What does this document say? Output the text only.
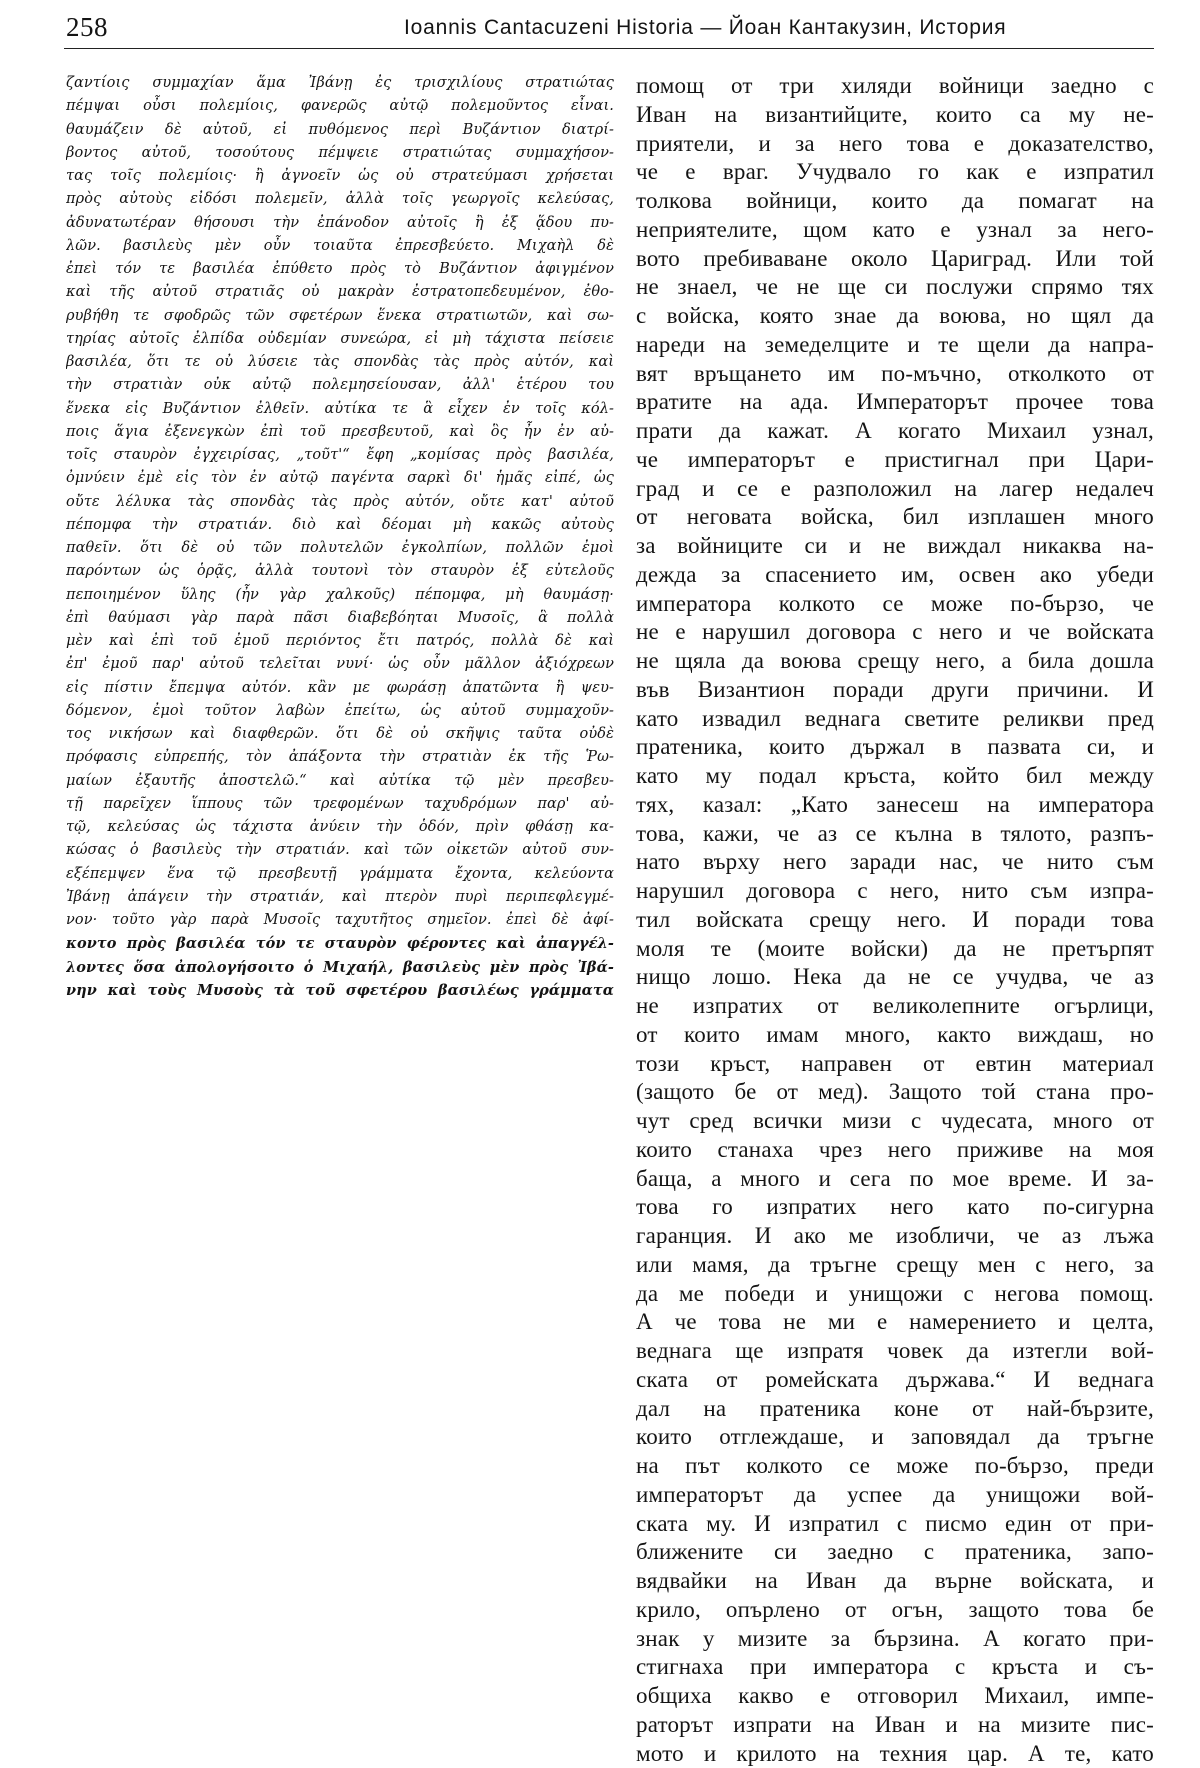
258	Ioannis Cantacuzeni Historia — Йоан Кантакузин, История

ζαντίοις συμμαχίαν ἅμα Ἰβάνῃ ἐς τρισχιλίους στρατιώτας

πέμψαι οὖσι πολεμίοις, φανερῶς αὐτῷ πολεμοῦντος εἶναι.

θαυμάζειν δὲ αὐτοῦ, εἰ πυθόμενος περὶ Βυζάντιον διατρί-

βοντος αὐτοῦ, τοσούτους πέμψειε στρατιώτας συμμαχήσον-

τας τοῖς πολεμίοις· ἢ ἀγνοεῖν ὡς οὐ στρατεύμασι χρήσεται

πρὸς αὐτοὺς εἰδόσι πολεμεῖν, ἀλλὰ τοῖς γεωργοῖς κελεύσας,

ἀδυνατωτέραν θήσουσι τὴν ἐπάνοδον αὐτοῖς ἢ ἐξ ᾅδου πυ-

λῶν. βασιλεὺς μὲν οὖν τοιαῦτα ἐπρεσβεύετο. Μιχαὴλ δὲ

ἐπεὶ τόν τε βασιλέα ἐπύθετο πρὸς τὸ Βυζάντιον ἀφιγμένον

καὶ τῆς αὐτοῦ στρατιᾶς οὐ μακρὰν ἐστρατοπεδευμένον, ἐθο-

ρυβήθη τε σφοδρῶς τῶν σφετέρων ἕνεκα στρατιωτῶν, καὶ σω-

τηρίας αὐτοῖς ἐλπίδα οὐδεμίαν συνεώρα, εἰ μὴ τάχιστα πείσειε

βασιλέα, ὅτι τε οὐ λύσειε τὰς σπονδὰς τὰς πρὸς αὐτόν, καὶ

τὴν στρατιὰν οὐκ αὐτῷ πολεμησείουσαν, ἀλλ' ἑτέρου του

ἕνεκα εἰς Βυζάντιον ἐλθεῖν. αὐτίκα τε ἃ εἶχεν ἐν τοῖς κόλ-

ποις ἅγια ἐξενεγκὼν ἐπὶ τοῦ πρεσβευτοῦ, καὶ ὃς ἦν ἐν αὐ-

τοῖς σταυρὸν ἐγχειρίσας, „τοῦτ'“ ἔφη „κομίσας πρὸς βασιλέα,

ὀμνύειν ἐμὲ εἰς τὸν ἐν αὐτῷ παγέντα σαρκὶ δι' ἡμᾶς εἰπέ, ὡς

οὔτε λέλυκα τὰς σπονδὰς τὰς πρὸς αὐτόν, οὔτε κατ' αὐτοῦ

πέπομφα τὴν στρατιάν. διὸ καὶ δέομαι μὴ κακῶς αὐτοὺς

παθεῖν. ὅτι δὲ οὐ τῶν πολυτελῶν ἐγκολπίων, πολλῶν ἐμοὶ

παρόντων ὡς ὁρᾷς, ἀλλὰ τουτονὶ τὸν σταυρὸν ἐξ εὐτελοῦς

πεποιημένον ὕλης (ἦν γὰρ χαλκοῦς) πέπομφα, μὴ θαυμάσῃ·

ἐπὶ θαύμασι γὰρ παρὰ πᾶσι διαβεβόηται Μυσοῖς, ἃ πολλὰ

μὲν καὶ ἐπὶ τοῦ ἐμοῦ περιόντος ἔτι πατρός, πολλὰ δὲ καὶ

ἐπ' ἐμοῦ παρ' αὐτοῦ τελεῖται νυνί· ὡς οὖν μᾶλλον ἀξιόχρεων

εἰς πίστιν ἔπεμψα αὐτόν. κἂν με φωράσῃ ἀπατῶντα ἢ ψευ-

δόμενον, ἐμοὶ τοῦτον λαβὼν ἐπείτω, ὡς αὐτοῦ συμμαχοῦν-

τος νικήσων καὶ διαφθερῶν. ὅτι δὲ οὐ σκῆψις ταῦτα οὐδὲ

πρόφασις εὐπρεπής, τὸν ἀπάξοντα τὴν στρατιὰν ἐκ τῆς Ῥω-

μαίων ἐξαυτῆς ἀποστελῶ.“ καὶ αὐτίκα τῷ μὲν πρεσβευ-

τῇ παρεῖχεν ἵππους τῶν τρεφομένων ταχυδρόμων παρ' αὐ-

τῷ, κελεύσας ὡς τάχιστα ἀνύειν τὴν ὁδόν, πρὶν φθάσῃ κα-

κώσας ὁ βασιλεὺς τὴν στρατιάν. καὶ τῶν οἰκετῶν αὐτοῦ συν-

εξέπεμψεν ἕνα τῷ πρεσβευτῇ γράμματα ἔχοντα, κελεύοντα

Ἰβάνῃ ἀπάγειν τὴν στρατιάν, καὶ πτερὸν πυρὶ περιπεφλεγμέ-

νον· τοῦτο γὰρ παρὰ Μυσοῖς ταχυτῆτος σημεῖον. ἐπεὶ δὲ ἀφί-

κοντο πρὸς βασιλέα τόν τε σταυρὸν φέροντες καὶ ἀπαγγέλ-

λοντες ὅσα ἀπολογήσοιτο ὁ Μιχαήλ, βασιλεὺς μὲν πρὸς Ἰβά-

νην καὶ τοὺς Μυσοὺς τὰ τοῦ σφετέρου βασιλέως γράμματα

помощ от три хиляди войници заедно с

Иван на византийците, които са му не-

приятели, и за него това е доказателство,

че е враг. Учудвало го как е изпратил

толкова войници, които да помагат на

неприятелите, щом като е узнал за него-

вото пребиваване около Цариград. Или той

не знаел, че не ще си послужи спрямо тях

с войска, която знае да воюва, но щял да

нареди на земеделците и те щели да напра-

вят връщането им по-мъчно, отколкото от

вратите на ада. Императорът прочее това

прати да кажат. А когато Михаил узнал,

че императорът е пристигнал при Цари-

град и се е разположил на лагер недалеч

от неговата войска, бил изплашен много

за войниците си и не виждал никаква на-

дежда за спасението им, освен ако убеди

императора колкото се може по-бързо, че

не е нарушил договора с него и че войската

не щяла да воюва срещу него, а била дошла

във Византион поради други причини. И

като извадил веднага светите реликви пред

пратеника, които държал в пазвата си, и

като му подал кръста, който бил между

тях, казал: „Като занесеш на императора

това, кажи, че аз се кълна в тялото, разпъ-

нато върху него заради нас, че нито съм

нарушил договора с него, нито съм изпра-

тил войската срещу него. И поради това

моля те (моите войски) да не претърпят

нищо лошо. Нека да не се учудва, че аз

не изпратих от великолепните огърлици,

от които имам много, както виждаш, но

този кръст, направен от евтин материал

(защото бе от мед). Защото той стана про-

чут сред всички мизи с чудесата, много от

които станаха чрез него приживе на моя

баща, а много и сега по мое време. И за-

това го изпратих него като по-сигурна

гаранция. И ако ме изобличи, че аз лъжа

или мамя, да тръгне срещу мен с него, за

да ме победи и унищожи с негова помощ.

А че това не ми е намерението и целта,

веднага ще изпратя човек да изтегли вой-

ската от ромейската държава.“ И веднага

дал на пратеника коне от най-бързите,

които отглеждаше, и заповядал да тръгне

на път колкото се може по-бързо, преди

императорът да успее да унищожи вой-

ската му. И изпратил с писмо един от при-

ближените си заедно с пратеника, запо-

вядвайки на Иван да върне войската, и

крило, опърлено от огън, защото това бе

знак у мизите за бързина. А когато при-

стигнаха при императора с кръста и съ-

общиха какво е отговорил Михаил, импе-

раторът изпрати на Иван и на мизите пис-

мото и крилото на техния цар. А те, като
